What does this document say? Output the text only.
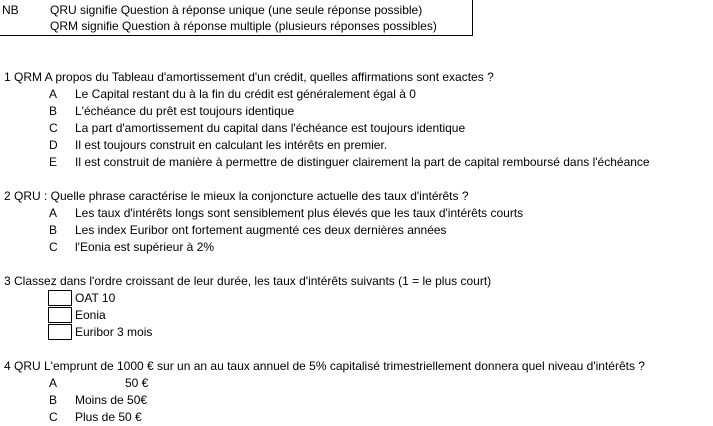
NB	QRU signifie Question à réponse unique (une seule réponse possible)
QRM signifie Question à réponse multiple (plusieurs réponses possibles)
1 QRM A propos du Tableau d'amortissement d'un crédit, quelles affirmations sont exactes ?
A Le Capital restant du à la fin du crédit est généralement égal à 0
B L'échéance du prêt est toujours identique
C La part d'amortissement du capital dans l'échéance est toujours identique
D Il est toujours construit en calculant les intérêts en premier.
E Il est construit de manière à permettre de distinguer clairement la part de capital remboursé dans l'échéance
2 QRU : Quelle phrase caractérise le mieux la conjoncture actuelle des taux d'intérêts ?
A Les taux d'intérêts longs sont sensiblement plus élevés que les taux d'intérêts courts
B Les index Euribor ont fortement augmenté ces deux dernières années
C l'Eonia est supérieur à 2%
3 Classez dans l'ordre croissant de leur durée, les taux d'intérêts suivants (1 = le plus court)
OAT 10
Eonia
Euribor 3 mois
4 QRU L'emprunt de 1000 € sur un an au taux annuel de 5% capitalisé trimestriellement donnera quel niveau d'intérêts ?
A	50 €
B Moins de 50€
C Plus de 50 €
